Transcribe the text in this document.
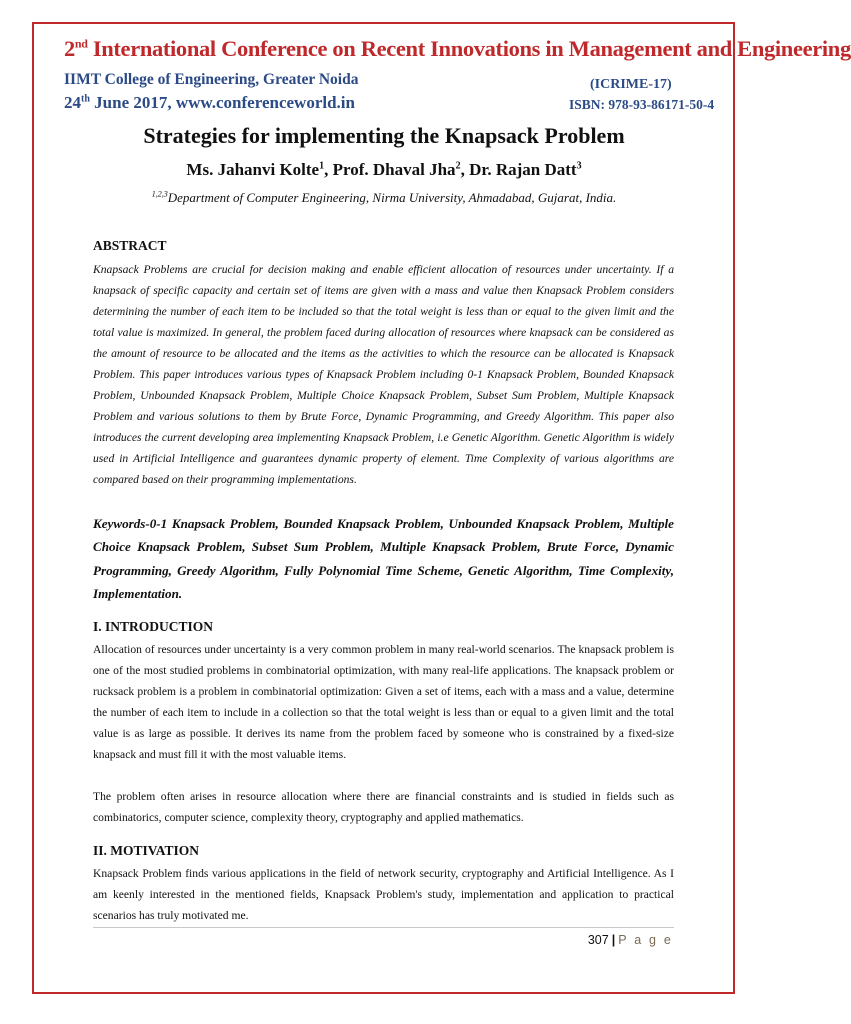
2nd International Conference on Recent Innovations in Management and Engineering
IIMT College of Engineering, Greater Noida
24th June 2017, www.conferenceworld.in
(ICRIME-17)
ISBN: 978-93-86171-50-4
Strategies for implementing the Knapsack Problem
Ms. Jahanvi Kolte$^1$, Prof. Dhaval Jha$^2$, Dr. Rajan Datt$^3$
$^{1,2,3}$Department of Computer Engineering, Nirma University, Ahmadabad, Gujarat, India.
ABSTRACT

Knapsack Problems are crucial for decision making and enable efficient allocation of resources under uncertainty. If a knapsack of specific capacity and certain set of items are given with a mass and value then Knapsack Problem considers determining the number of each item to be included so that the total weight is less than or equal to the given limit and the total value is maximized. In general, the problem faced during allocation of resources where knapsack can be considered as the amount of resource to be allocated and the items as the activities to which the resource can be allocated is Knapsack Problem. This paper introduces various types of Knapsack Problem including 0-1 Knapsack Problem, Bounded Knapsack Problem, Unbounded Knapsack Problem, Multiple Choice Knapsack Problem, Subset Sum Problem, Multiple Knapsack Problem and various solutions to them by Brute Force, Dynamic Programming, and Greedy Algorithm. This paper also introduces the current developing area implementing Knapsack Problem, i.e Genetic Algorithm. Genetic Algorithm is widely used in Artificial Intelligence and guarantees dynamic property of element. Time Complexity of various algorithms are compared based on their programming implementations.

Keywords-0-1 Knapsack Problem, Bounded Knapsack Problem, Unbounded Knapsack Problem, Multiple Choice Knapsack Problem, Subset Sum Problem, Multiple Knapsack Problem, Brute Force, Dynamic Programming, Greedy Algorithm, Fully Polynomial Time Scheme, Genetic Algorithm, Time Complexity, Implementation.

I. INTRODUCTION

Allocation of resources under uncertainty is a very common problem in many real-world scenarios. The knapsack problem is one of the most studied problems in combinatorial optimization, with many real-life applications. The knapsack problem or rucksack problem is a problem in combinatorial optimization: Given a set of items, each with a mass and a value, determine the number of each item to include in a collection so that the total weight is less than or equal to a given limit and the total value is as large as possible. It derives its name from the problem faced by someone who is constrained by a fixed-size knapsack and must fill it with the most valuable items.

The problem often arises in resource allocation where there are financial constraints and is studied in fields such as combinatorics, computer science, complexity theory, cryptography and applied mathematics.

II. MOTIVATION

Knapsack Problem finds various applications in the field of network security, cryptography and Artificial Intelligence. As I am keenly interested in the mentioned fields, Knapsack Problem's study, implementation and application to practical scenarios has truly motivated me.

307 | P a g e
